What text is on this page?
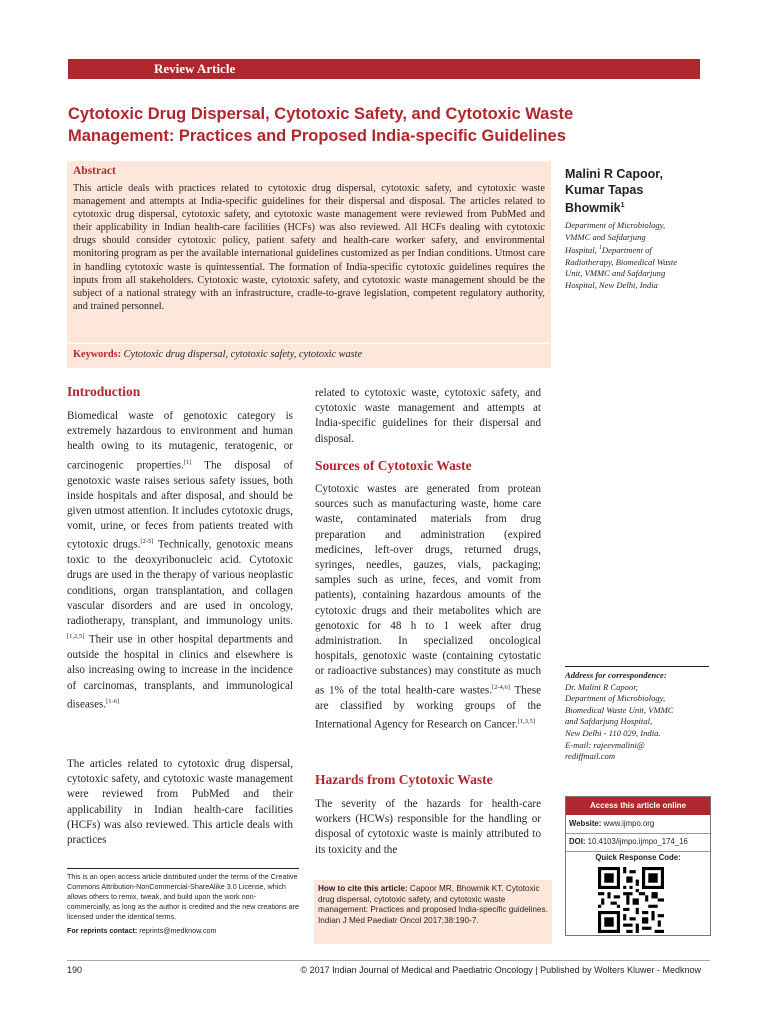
Review Article
Cytotoxic Drug Dispersal, Cytotoxic Safety, and Cytotoxic Waste
Management: Practices and Proposed India-specific Guidelines
Abstract
This article deals with practices related to cytotoxic drug dispersal, cytotoxic safety, and cytotoxic waste management and attempts at India-specific guidelines for their dispersal and disposal. The articles related to cytotoxic drug dispersal, cytotoxic safety, and cytotoxic waste management were reviewed from PubMed and their applicability in Indian health-care facilities (HCFs) was also reviewed. All HCFs dealing with cytotoxic drugs should consider cytotoxic policy, patient safety and health-care worker safety, and environmental monitoring program as per the available international guidelines customized as per Indian conditions. Utmost care in handling cytotoxic waste is quintessential. The formation of India-specific cytotoxic guidelines requires the inputs from all stakeholders. Cytotoxic waste, cytotoxic safety, and cytotoxic waste management should be the subject of a national strategy with an infrastructure, cradle-to-grave legislation, competent regulatory authority, and trained personnel.
Keywords: Cytotoxic drug dispersal, cytotoxic safety, cytotoxic waste
Malini R Capoor,
Kumar Tapas
Bhowmik$^1$
Department of Microbiology,
VMMC and Safdarjung
Hospital, $^1$Department of
Radiotherapy, Biomedical Waste
Unit, VMMC and Safdarjung
Hospital, New Delhi, India
Introduction
Biomedical waste of genotoxic category is extremely hazardous to environment and human health owing to its mutagenic, teratogenic, or carcinogenic properties.[1] The disposal of genotoxic waste raises serious safety issues, both inside hospitals and after disposal, and should be given utmost attention. It includes cytotoxic drugs, vomit, urine, or feces from patients treated with cytotoxic drugs.[2-5] Technically, genotoxic means toxic to the deoxyribonucleic acid. Cytotoxic drugs are used in the therapy of various neoplastic conditions, organ transplantation, and collagen vascular disorders and are used in oncology, radiotherapy, transplant, and immunology units.[1,2,5] Their use in other hospital departments and outside the hospital in clinics and elsewhere is also increasing owing to increase in the incidence of carcinomas, transplants, and immunological diseases.[1-6]
The articles related to cytotoxic drug dispersal, cytotoxic safety, and cytotoxic waste management were reviewed from PubMed and their applicability in Indian health-care facilities (HCFs) was also reviewed. This article deals with practices
related to cytotoxic waste, cytotoxic safety, and cytotoxic waste management and attempts at India-specific guidelines for their dispersal and disposal.
Sources of Cytotoxic Waste
Cytotoxic wastes are generated from protean sources such as manufacturing waste, home care waste, contaminated materials from drug preparation and administration (expired medicines, left-over drugs, returned drugs, syringes, needles, gauzes, vials, packaging; samples such as urine, feces, and vomit from patients), containing hazardous amounts of the cytotoxic drugs and their metabolites which are genotoxic for 48 h to 1 week after drug administration. In specialized oncological hospitals, genotoxic waste (containing cytostatic or radioactive substances) may constitute as much as 1% of the total health-care wastes.[2-4,6] These are classified by working groups of the International Agency for Research on Cancer.[1,3,5]
Hazards from Cytotoxic Waste
The severity of the hazards for health-care workers (HCWs) responsible for the handling or disposal of cytotoxic waste is mainly attributed to its toxicity and the
Address for correspondence:
Dr. Malini R Capoor,
Department of Microbiology,
Biomedical Waste Unit, VMMC
and Safdarjung Hospital,
New Delhi - 110 029, India.
E-mail: rajeevmalini@
rediffmail.com
Access this article online
Website: www.ijmpo.org
DOI: 10.4103/ijmpo.ijmpo_174_16
Quick Response Code:
This is an open access article distributed under the terms of the Creative Commons Attribution-NonCommercial-ShareAlike 3.0 License, which allows others to remix, tweak, and build upon the work non-commercially, as long as the author is credited and the new creations are licensed under the identical terms.
For reprints contact: reprints@medknow.com
How to cite this article: Capoor MR, Bhowmik KT. Cytotoxic drug dispersal, cytotoxic safety, and cytotoxic waste management: Practices and proposed India-specific guidelines. Indian J Med Paediatr Oncol 2017;38:190-7.
190	© 2017 Indian Journal of Medical and Paediatric Oncology | Published by Wolters Kluwer - Medknow
